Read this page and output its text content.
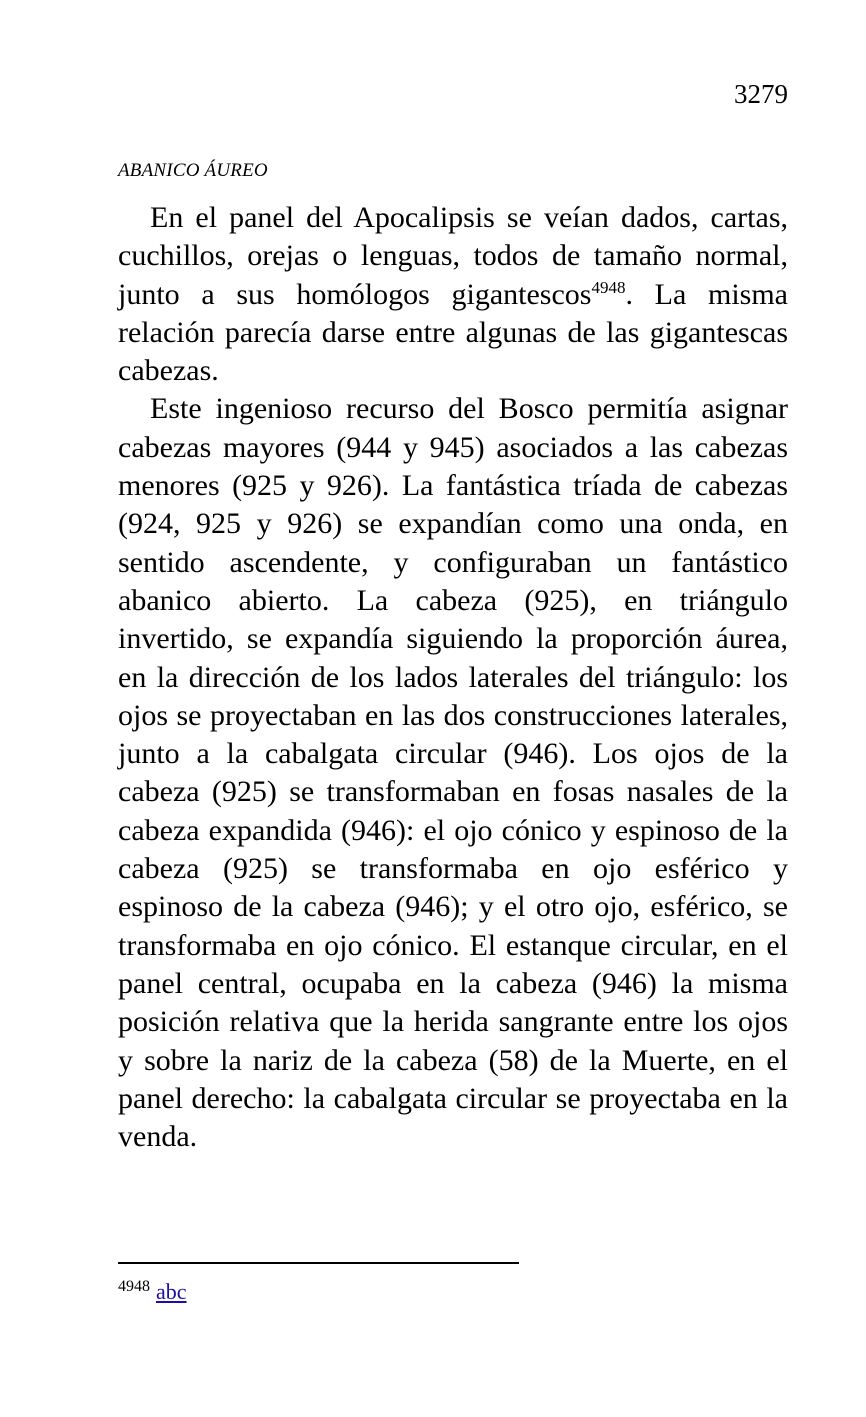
3279
ABANICO ÁUREO

En el panel del Apocalipsis se veían dados, cartas, cuchillos, orejas o lenguas, todos de tamaño normal, junto a sus homólogos gigantescos$^{4948}$. La misma relación parecía darse entre algunas de las gigantescas cabezas.

Este ingenioso recurso del Bosco permitía asignar cabezas mayores (944 y 945) asociados a las cabezas menores (925 y 926). La fantástica tríada de cabezas (924, 925 y 926) se expandían como una onda, en sentido ascendente, y configuraban un fantástico abanico abierto. La cabeza (925), en triángulo invertido, se expandía siguiendo la proporción áurea, en la dirección de los lados laterales del triángulo: los ojos se proyectaban en las dos construcciones laterales, junto a la cabalgata circular (946). Los ojos de la cabeza (925) se transformaban en fosas nasales de la cabeza expandida (946): el ojo cónico y espinoso de la cabeza (925) se transformaba en ojo esférico y espinoso de la cabeza (946); y el otro ojo, esférico, se transformaba en ojo cónico. El estanque circular, en el panel central, ocupaba en la cabeza (946) la misma posición relativa que la herida sangrante entre los ojos y sobre la nariz de la cabeza (58) de la Muerte, en el panel derecho: la cabalgata circular se proyectaba en la venda.

$^{4948}$ abc
